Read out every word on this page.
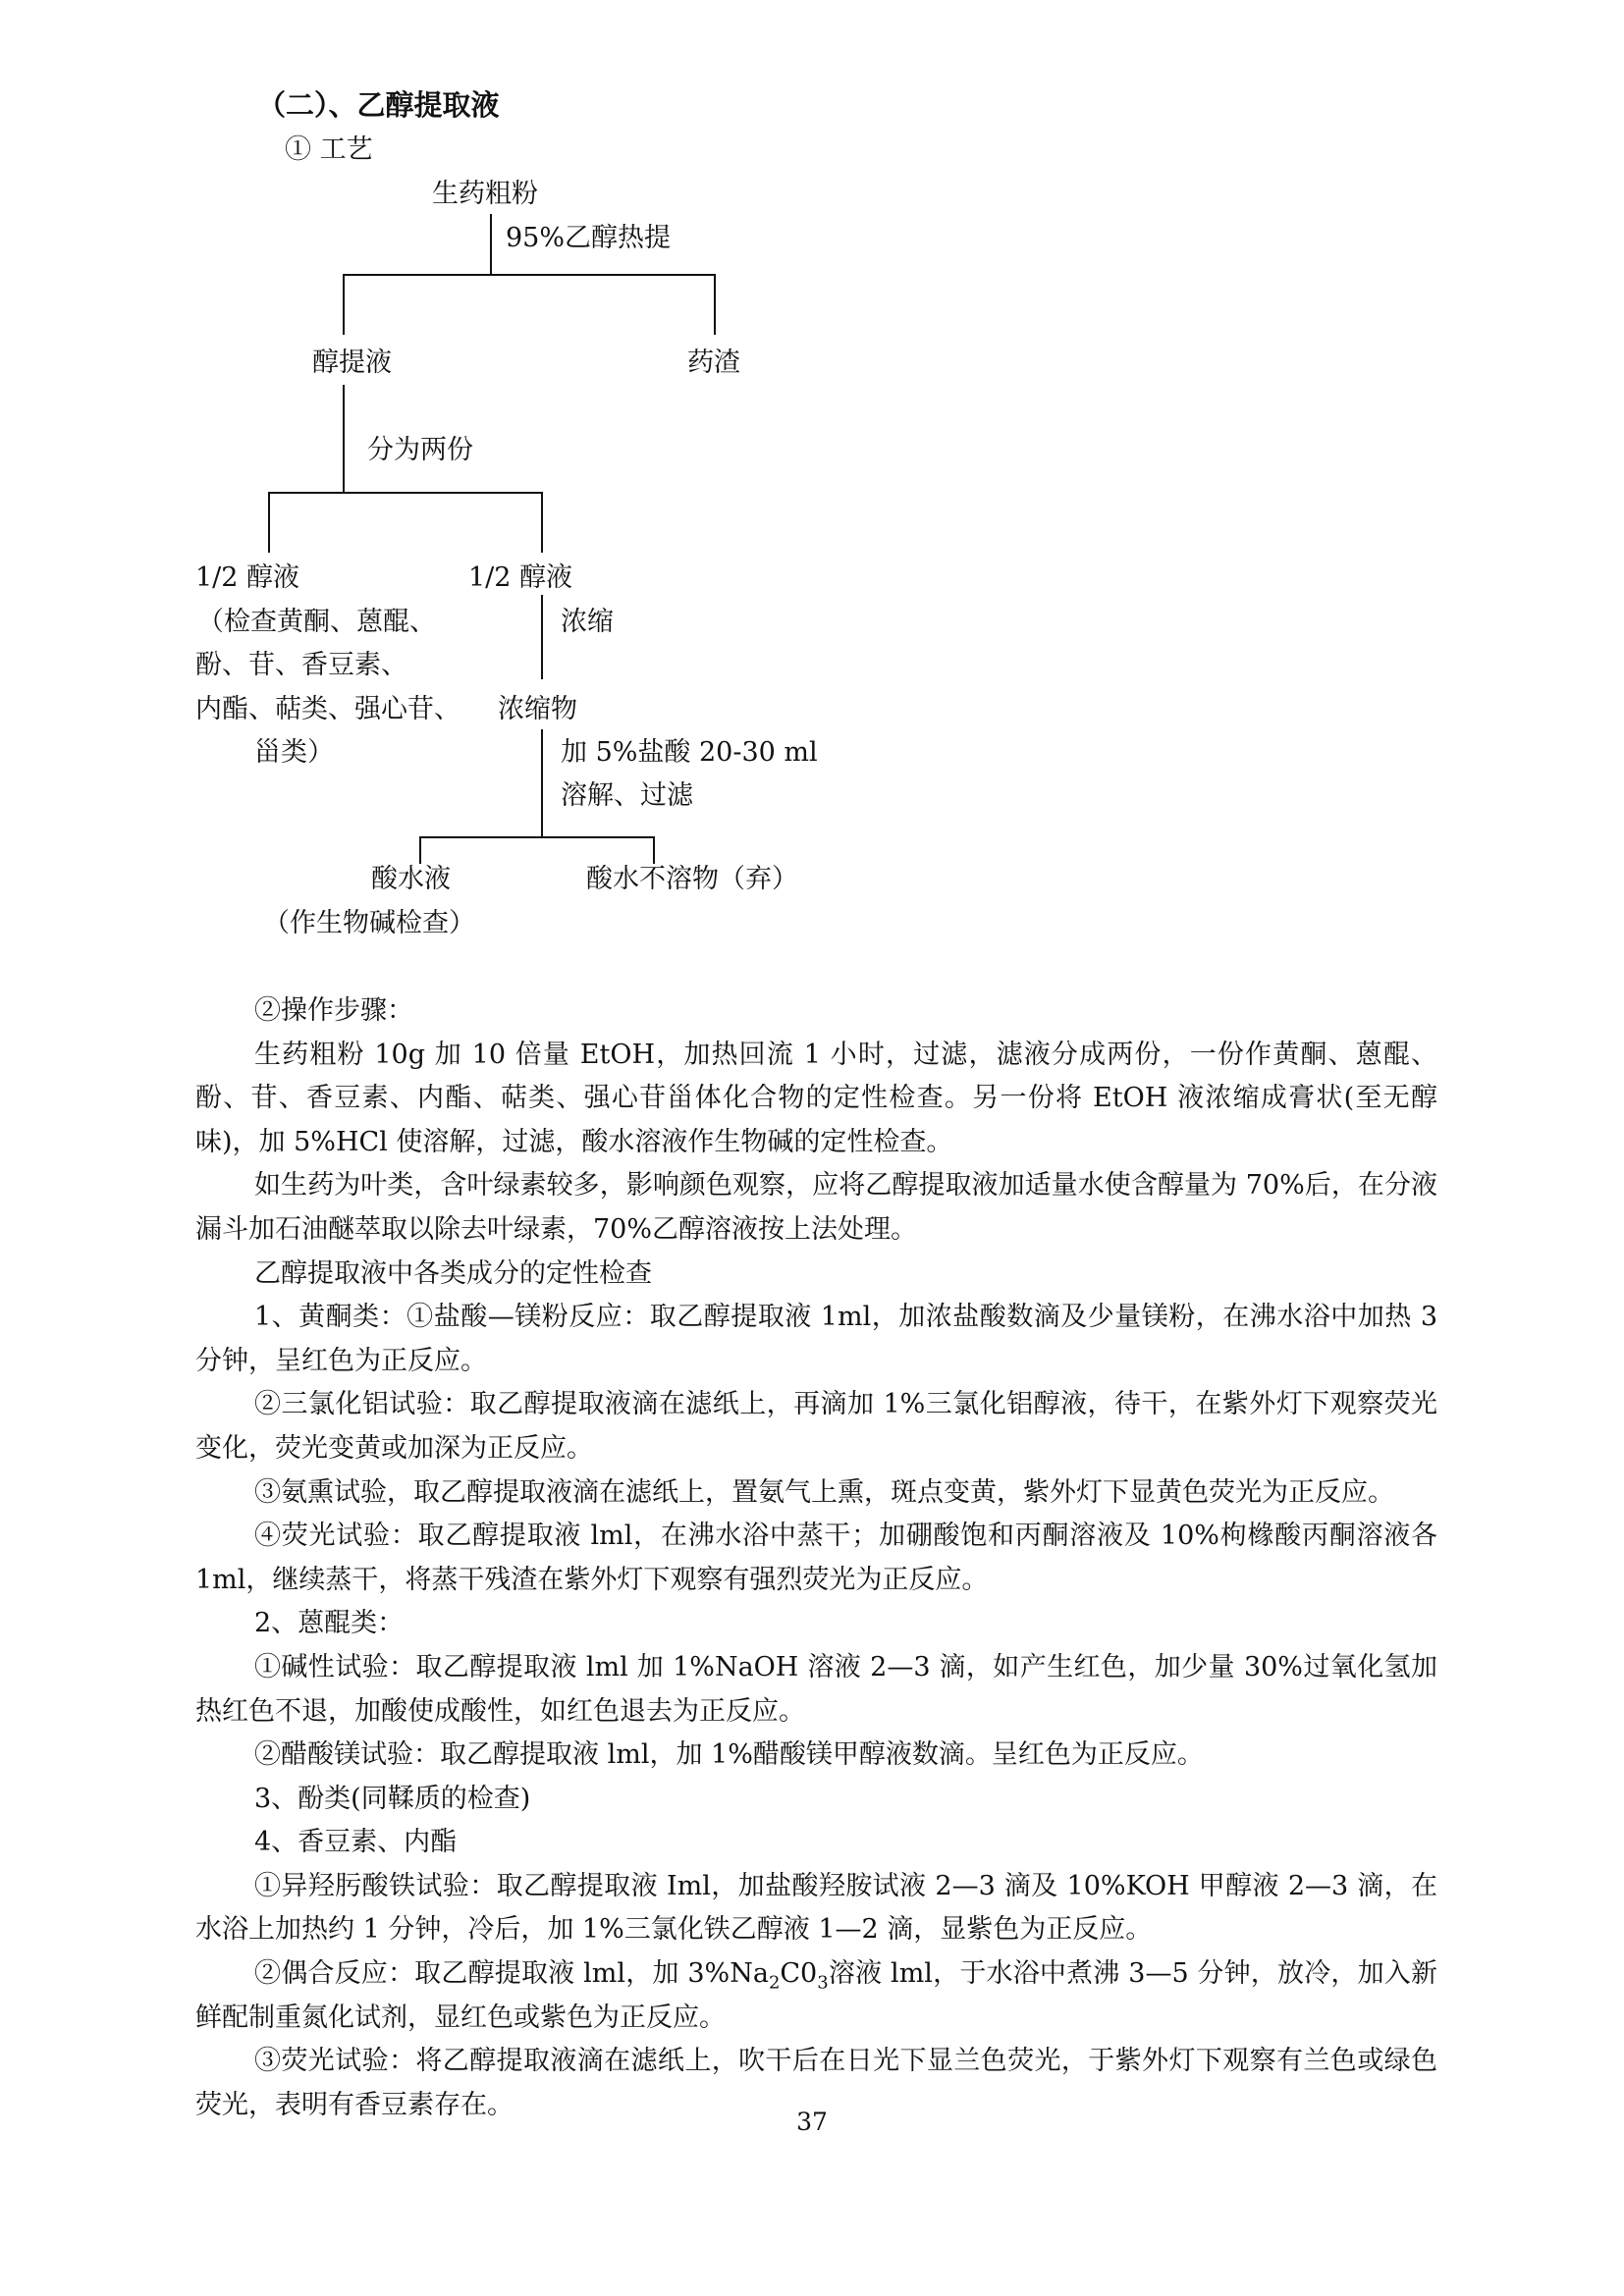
（二）、乙醇提取液
① 工艺
生药粗粉
95%乙醇热提
醇提液	药渣
分为两份
1/2 醇液	1/2 醇液
（检查黄酮、蒽醌、
酚、苷、香豆素、
内酯、萜类、强心苷、
甾类）
浓缩
浓缩物
加 5%盐酸 20-30 ml
溶解、过滤
酸水液	酸水不溶物（弃）
（作生物碱检查）

②操作步骤：

生药粗粉 10g 加 10 倍量 EtOH，加热回流 1 小时，过滤，滤液分成两份，一份作黄酮、蒽醌、酚、苷、香豆素、内酯、萜类、强心苷甾体化合物的定性检查。另一份将 EtOH 液浓缩成膏状(至无醇味)，加 5%HCl 使溶解，过滤，酸水溶液作生物碱的定性检查。

如生药为叶类，含叶绿素较多，影响颜色观察，应将乙醇提取液加适量水使含醇量为 70%后，在分液漏斗加石油醚萃取以除去叶绿素，70%乙醇溶液按上法处理。

乙醇提取液中各类成分的定性检查

1、黄酮类：①盐酸—镁粉反应：取乙醇提取液 1ml，加浓盐酸数滴及少量镁粉，在沸水浴中加热 3 分钟，呈红色为正反应。

②三氯化铝试验：取乙醇提取液滴在滤纸上，再滴加 1%三氯化铝醇液，待干，在紫外灯下观察荧光变化，荧光变黄或加深为正反应。

③氨熏试验，取乙醇提取液滴在滤纸上，置氨气上熏，斑点变黄，紫外灯下显黄色荧光为正反应。

④荧光试验：取乙醇提取液 lml，在沸水浴中蒸干；加硼酸饱和丙酮溶液及 10%枸橼酸丙酮溶液各 1ml，继续蒸干，将蒸干残渣在紫外灯下观察有强烈荧光为正反应。

2、蒽醌类：

①碱性试验：取乙醇提取液 lml 加 1%NaOH 溶液 2—3 滴，如产生红色，加少量 30%过氧化氢加热红色不退，加酸使成酸性，如红色退去为正反应。

②醋酸镁试验：取乙醇提取液 lml，加 1%醋酸镁甲醇液数滴。呈红色为正反应。

3、酚类(同鞣质的检查)

4、香豆素、内酯

①异羟肟酸铁试验：取乙醇提取液 Iml，加盐酸羟胺试液 2—3 滴及 10%KOH 甲醇液 2—3 滴，在水浴上加热约 1 分钟，冷后，加 1%三氯化铁乙醇液 1—2 滴，显紫色为正反应。

②偶合反应：取乙醇提取液 lml，加 $3\%Na_2C0_3$溶液 lml，于水浴中煮沸 3—5 分钟，放冷，加入新鲜配制重氮化试剂，显红色或紫色为正反应。

③荧光试验：将乙醇提取液滴在滤纸上，吹干后在日光下显兰色荧光，于紫外灯下观察有兰色或绿色荧光，表明有香豆素存在。

37
